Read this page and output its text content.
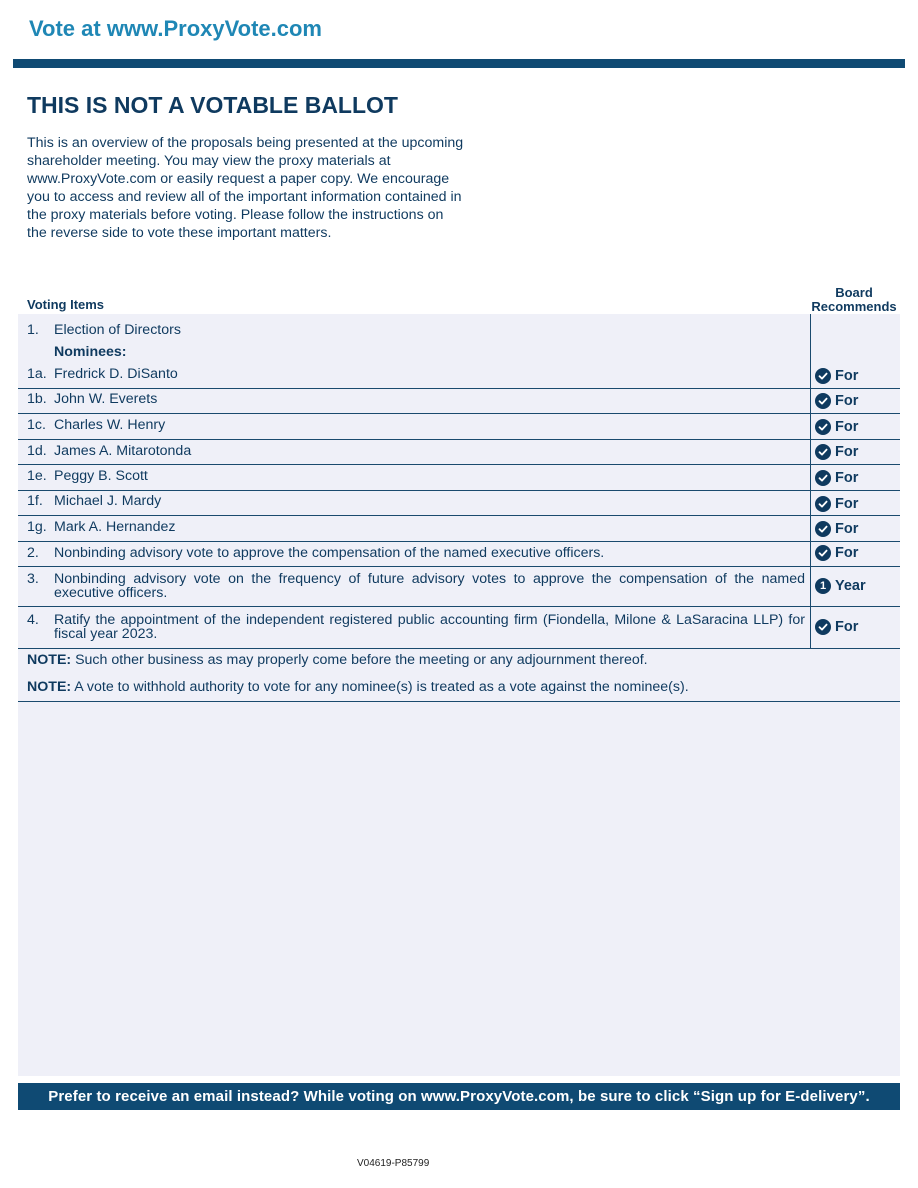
Vote at www.ProxyVote.com
THIS IS NOT A VOTABLE BALLOT
This is an overview of the proposals being presented at the upcoming shareholder meeting. You may view the proxy materials at www.ProxyVote.com or easily request a paper copy. We encourage you to access and review all of the important information contained in the proxy materials before voting. Please follow the instructions on the reverse side to vote these important matters.
Voting Items
Board Recommends
1. Election of Directors
Nominees:
1a. Fredrick D. DiSanto	For
1b. John W. Everets	For
1c. Charles W. Henry	For
1d. James A. Mitarotonda	For
1e. Peggy B. Scott	For
1f. Michael J. Mardy	For
1g. Mark A. Hernandez	For
2. Nonbinding advisory vote to approve the compensation of the named executive officers.	For
3. Nonbinding advisory vote on the frequency of future advisory votes to approve the compensation of the named executive officers.	1 Year
4. Ratify the appointment of the independent registered public accounting firm (Fiondella, Milone & LaSaracina LLP) for fiscal year 2023.	For
NOTE: Such other business as may properly come before the meeting or any adjournment thereof.
NOTE: A vote to withhold authority to vote for any nominee(s) is treated as a vote against the nominee(s).
Prefer to receive an email instead? While voting on www.ProxyVote.com, be sure to click “Sign up for E-delivery”.
V04619-P85799
